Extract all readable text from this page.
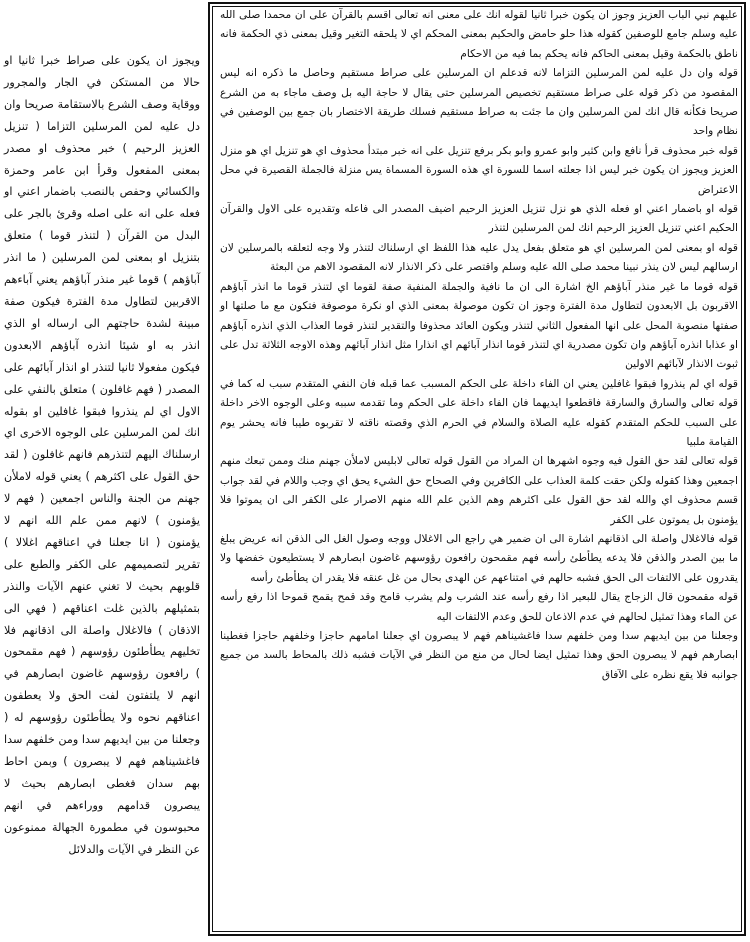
عليهم نبي الباب العزيز وجوز ان يكون خبرا ثانيا لقوله انك على معنى انه تعالى اقسم بالقرآن على ان محمدا صلى الله عليه وسلم جامع للوصفين كقوله هذا حلو حامض والحكيم بمعنى المحكم اي لا يلحقه التغير وقيل بمعنى ذي الحكمة فانه ناطق بالحكمة وقيل بمعنى الحاكم فانه يحكم بما فيه من الاحكام

قوله وان دل عليه لمن المرسلين التزاما لانه قدعلم ان المرسلين على صراط مستقيم وحاصل ما ذكره انه ليس المقصود من ذكر قوله على صراط مستقيم تخصيص المرسلين حتى يقال لا حاجة اليه بل وصف ماجاء به من الشرع صريحا فكأنه قال انك لمن المرسلين وان ما جئت به صراط مستقيم فسلك طريقة الاختصار بان جمع بين الوصفين في نظام واحد

قوله خبر محذوف قرأ نافع وابن كثير وابو عمرو وابو بكر برفع تنزيل على انه خبر مبتدأ محذوف اي هو تنزيل اي هو منزل العزيز ويجوز ان يكون خبر ليس اذا جعلته اسما للسورة اي هذه السورة المسماة يس منزلة فالجملة القصيرة في محل الاعتراض

قوله او باضمار اعني او فعله الذي هو نزل تنزيل العزيز الرحيم اضيف المصدر الى فاعله وتقديره على الاول والقرآن الحكيم اعني تنزيل العزيز الرحيم انك لمن المرسلين لتنذر

قوله او بمعنى لمن المرسلين اي هو متعلق بفعل يدل عليه هذا اللفظ اي ارسلناك لتنذر ولا وجه لتعلقه بالمرسلين لان ارسالهم ليس لان ينذر نبينا محمد صلى الله عليه وسلم واقتصر على ذكر الانذار لانه المقصود الاهم من البعثة

قوله قوما ما غير منذر آباؤهم الخ اشارة الى ان ما نافية والجملة المنفية صفة لقوما اي لتنذر قوما ما انذر آباؤهم الاقربون بل الابعدون لتطاول مدة الفترة وجوز ان تكون موصولة بمعنى الذي او نكرة موصوفة فتكون مع ما صلتها او صفتها منصوبة المحل على انها المفعول الثاني لتنذر ويكون العائد محذوفا والتقدير لتنذر قوما العذاب الذي انذره آباؤهم او عذابا انذره آباؤهم وان تكون مصدرية اي لتنذر قوما انذار آبائهم اي انذارا مثل انذار آبائهم وهذه الاوجه الثلاثة تدل على ثبوت الانذار لآبائهم الاولين

قوله اي لم ينذروا فبقوا غافلين يعني ان الفاء داخلة على الحكم المسبب عما قبله فان النفي المتقدم سبب له كما في قوله تعالى والسارق والسارقة فاقطعوا ايديهما فان الفاء داخلة على الحكم وما تقدمه سببه وعلى الوجوه الاخر داخلة على السبب للحكم المتقدم كقوله عليه الصلاة والسلام في الحرم الذي وقصته ناقته لا تقربوه طيبا فانه يحشر يوم القيامة ملبيا

قوله تعالى لقد حق القول فيه وجوه اشهرها ان المراد من القول قوله تعالى لابليس لاملأن جهنم منك وممن تبعك منهم اجمعين وهذا كقوله ولكن حقت كلمة العذاب على الكافرين وفي الصحاح حق الشيء يحق اي وجب واللام في لقد جواب قسم محذوف اي والله لقد حق القول على اكثرهم وهم الذين علم الله منهم الاصرار على الكفر الى ان يموتوا فلا يؤمنون بل يموتون على الكفر

قوله فالاغلال واصلة الى اذقانهم اشارة الى ان ضمير هي راجع الى الاغلال ووجه وصول الغل الى الذقن انه عريض يبلغ ما بين الصدر والذقن فلا يدعه يطأطئ رأسه فهم مقمحون رافعون رؤوسهم غاضون ابصارهم لا يستطيعون خفضها ولا يقدرون على الالتفات الى الحق فشبه حالهم في امتناعهم عن الهدى بحال من غل عنقه فلا يقدر ان يطأطئ رأسه

قوله مقمحون قال الزجاج يقال للبعير اذا رفع رأسه عند الشرب ولم يشرب قامح وقد قمح يقمح قموحا اذا رفع رأسه عن الماء وهذا تمثيل لحالهم في عدم الاذعان للحق وعدم الالتفات اليه

وجعلنا من بين ايديهم سدا ومن خلفهم سدا فاغشيناهم فهم لا يبصرون اي جعلنا امامهم حاجزا وخلفهم حاجزا فغطينا ابصارهم فهم لا يبصرون الحق وهذا تمثيل ايضا لحال من منع من النظر في الآيات فشبه ذلك بالمحاط بالسد من جميع جوانبه فلا يقع نظره على الآفاق

ويجوز ان يكون على صراط خبرا ثانيا او حالا من المستكن في الجار والمجرور ووقاية وصف الشرع بالاستقامة صريحا وان دل عليه لمن المرسلين التزاما ( تنزيل العزيز الرحيم ) خبر محذوف او مصدر بمعنى المفعول وقرأ ابن عامر وحمزة والكسائي وحفص بالنصب باضمار اعني او فعله على انه على اصله وقرئ بالجر على البدل من القرآن ( لتنذر قوما ) متعلق بتنزيل او بمعنى لمن المرسلين ( ما انذر آباؤهم ) قوما غير منذر آباؤهم يعني آباءهم الاقربين لتطاول مدة الفترة فيكون صفة مبينة لشدة حاجتهم الى ارساله او الذي انذر به او شيئا انذره آباؤهم الابعدون فيكون مفعولا ثانيا لتنذر او انذار آبائهم على المصدر ( فهم غافلون ) متعلق بالنفي على الاول اي لم ينذروا فبقوا غافلين او بقوله انك لمن المرسلين على الوجوه الاخرى اي ارسلناك اليهم لتنذرهم فانهم غافلون ( لقد حق القول على اكثرهم ) يعني قوله لاملأن جهنم من الجنة والناس اجمعين ( فهم لا يؤمنون ) لانهم ممن علم الله انهم لا يؤمنون ( انا جعلنا في اعناقهم اغلالا ) تقرير لتصميمهم على الكفر والطبع على قلوبهم بحيث لا تغني عنهم الآيات والنذر بتمثيلهم بالذين غلت اعناقهم ( فهي الى الاذقان ) فالاغلال واصلة الى اذقانهم فلا تخليهم يطأطئون رؤوسهم ( فهم مقمحون ) رافعون رؤوسهم غاضون ابصارهم في انهم لا يلتفتون لفت الحق ولا يعطفون اعناقهم نحوه ولا يطأطئون رؤوسهم له ( وجعلنا من بين ايديهم سدا ومن خلفهم سدا فاغشيناهم فهم لا يبصرون ) وبمن احاط بهم سدان فغطى ابصارهم بحيث لا يبصرون قدامهم ووراءهم في انهم محبوسون في مطمورة الجهالة ممنوعون عن النظر في الآيات والدلائل
